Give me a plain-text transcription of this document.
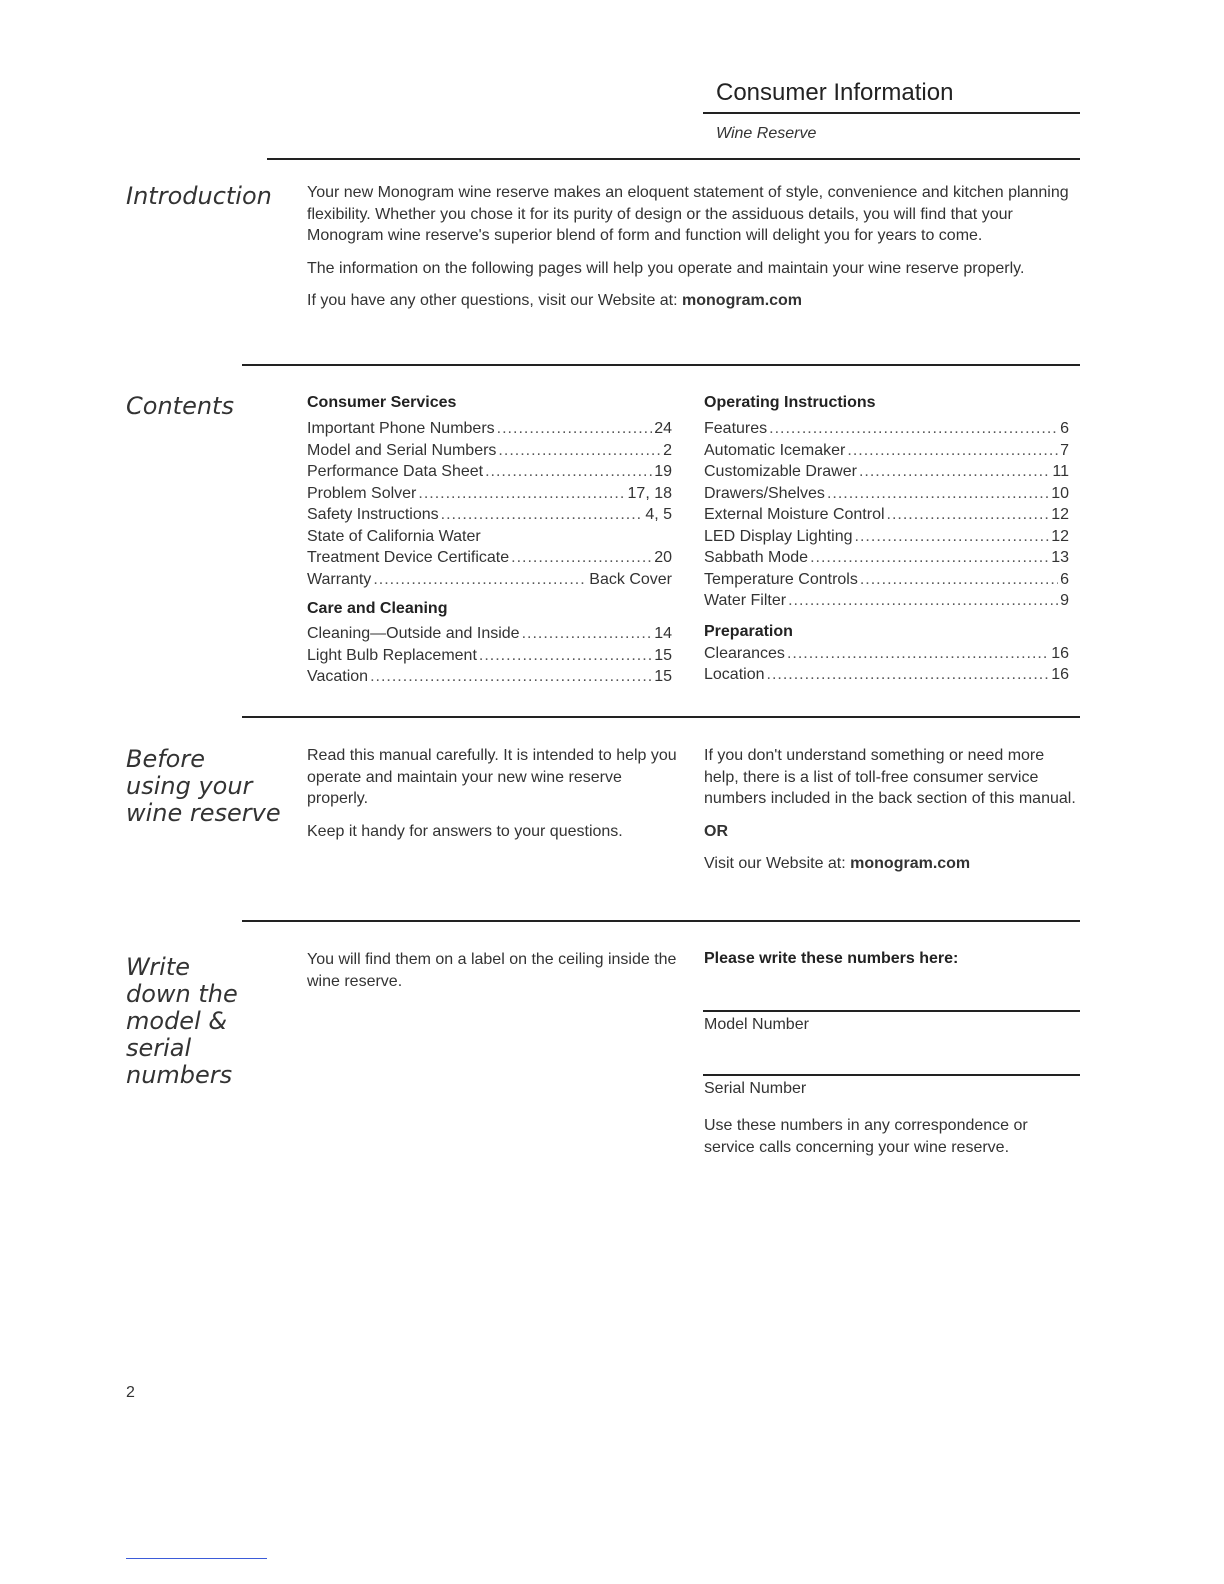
Consumer Information
Wine Reserve
Introduction Your new Monogram wine reserve makes an eloquent statement of style, convenience and kitchen planning flexibility. Whether you chose it for its purity of design or the assiduous details, you will find that your Monogram wine reserve's superior blend of form and function will delight you for years to come.

The information on the following pages will help you operate and maintain your wine reserve properly.

If you have any other questions, visit our Website at: monogram.com

Contents	Consumer Services
Important Phone Numbers .....	24
Model and Serial Numbers .....	2
Performance Data Sheet .....	19
Problem Solver .....	17, 18
Safety Instructions .....	4, 5
State of California Water
Treatment Device Certificate .....	20
Warranty .....	Back Cover
Care and Cleaning
Cleaning—Outside and Inside .....	14
Light Bulb Replacement .....	15
Vacation .....	15
Operating Instructions
Features .....	6
Automatic Icemaker .....	7
Customizable Drawer .....	11
Drawers/Shelves .....	10
External Moisture Control .....	12
LED Display Lighting .....	12
Sabbath Mode .....	13
Temperature Controls .....	6
Water Filter .....	9
Preparation
Clearances .....	16
Location .....	16
Before
using your
wine reserve

Read this manual carefully. It is intended to help you operate and maintain your new wine reserve properly.

Keep it handy for answers to your questions.

If you don't understand something or need more help, there is a list of toll-free consumer service numbers included in the back section of this manual.

OR

Visit our Website at: monogram.com

Write
down the
model &
serial
numbers
You will find them on a label on the ceiling inside the wine reserve.
Please write these numbers here:
Model Number
Serial Number
Use these numbers in any correspondence or service calls concerning your wine reserve.
2
